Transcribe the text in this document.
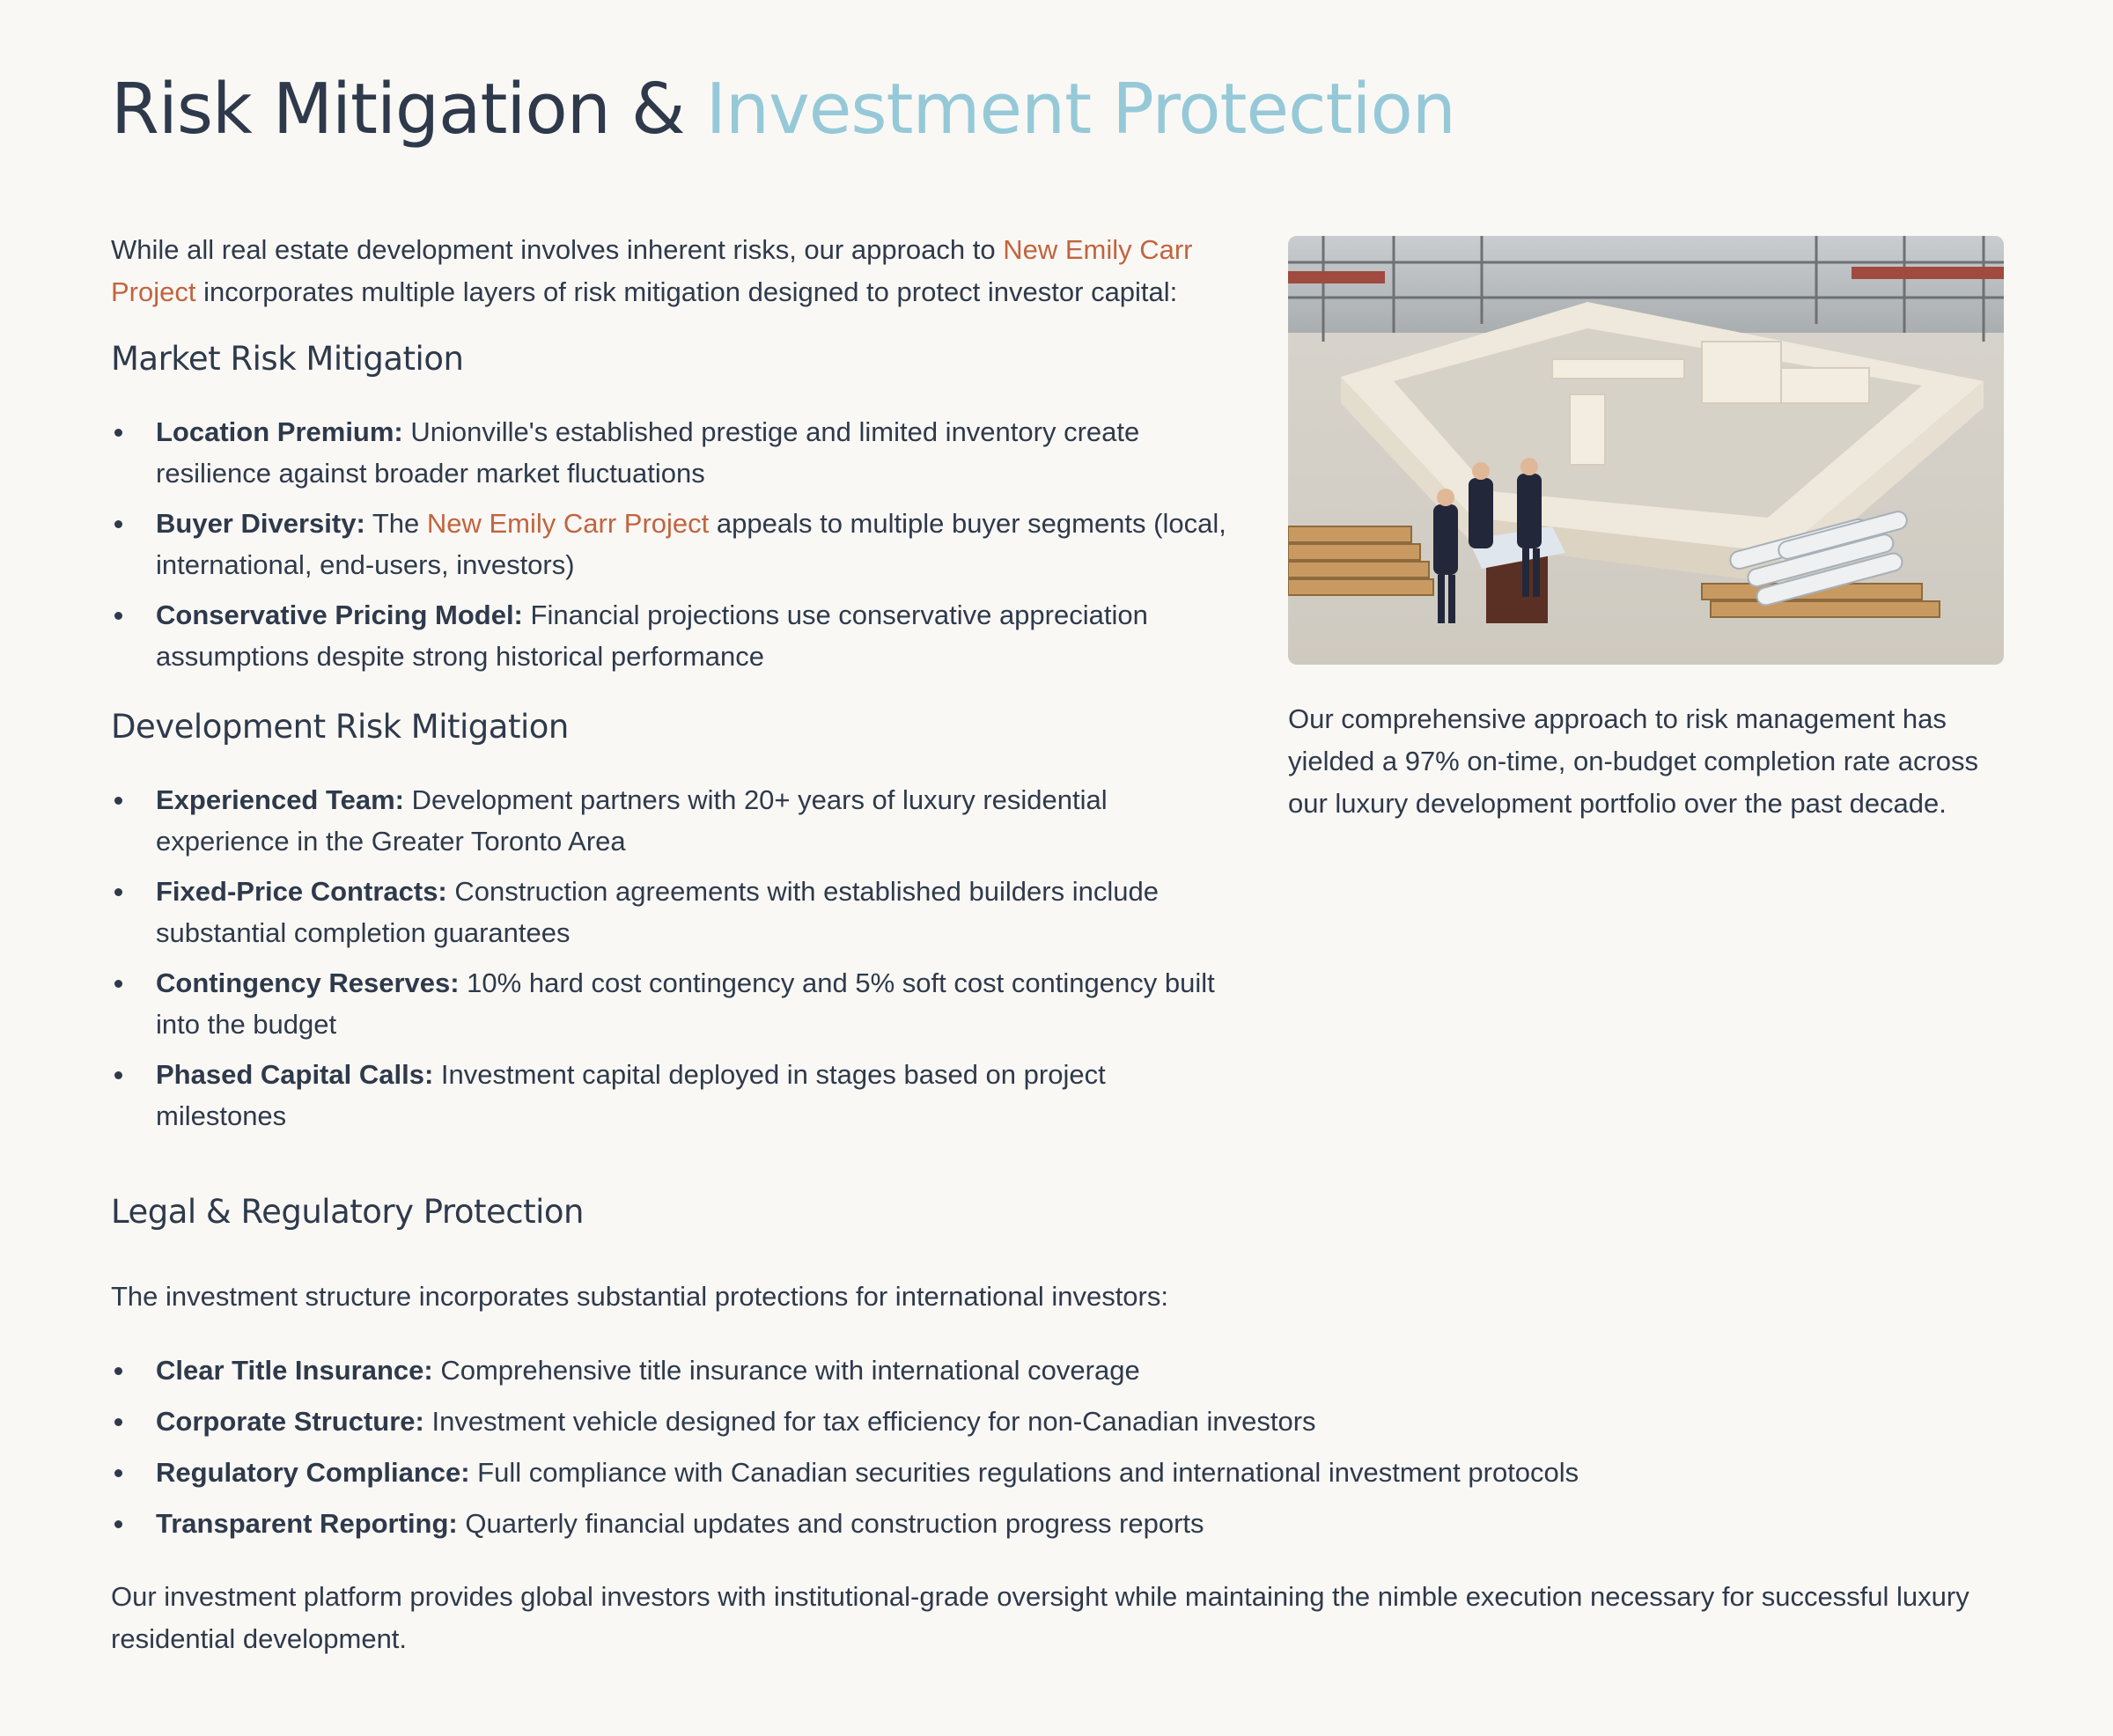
Risk Mitigation & Investment Protection

While all real estate development involves inherent risks, our approach to New Emily Carr Project incorporates multiple layers of risk mitigation designed to protect investor capital:

Market Risk Mitigation
Location Premium: Unionville's established prestige and limited inventory create resilience against broader market fluctuations
Buyer Diversity: The New Emily Carr Project appeals to multiple buyer segments (local, international, end-users, investors)
Conservative Pricing Model: Financial projections use conservative appreciation assumptions despite strong historical performance
Development Risk Mitigation
Experienced Team: Development partners with 20+ years of luxury residential experience in the Greater Toronto Area
Fixed-Price Contracts: Construction agreements with established builders include substantial completion guarantees
Contingency Reserves: 10% hard cost contingency and 5% soft cost contingency built into the budget
Phased Capital Calls: Investment capital deployed in stages based on project milestones

Our comprehensive approach to risk management has yielded a 97% on-time, on-budget completion rate across our luxury development portfolio over the past decade.

Legal & Regulatory Protection

The investment structure incorporates substantial protections for international investors:

Clear Title Insurance: Comprehensive title insurance with international coverage
Corporate Structure: Investment vehicle designed for tax efficiency for non-Canadian investors
Regulatory Compliance: Full compliance with Canadian securities regulations and international investment protocols
Transparent Reporting: Quarterly financial updates and construction progress reports

Our investment platform provides global investors with institutional-grade oversight while maintaining the nimble execution necessary for successful luxury residential development.
